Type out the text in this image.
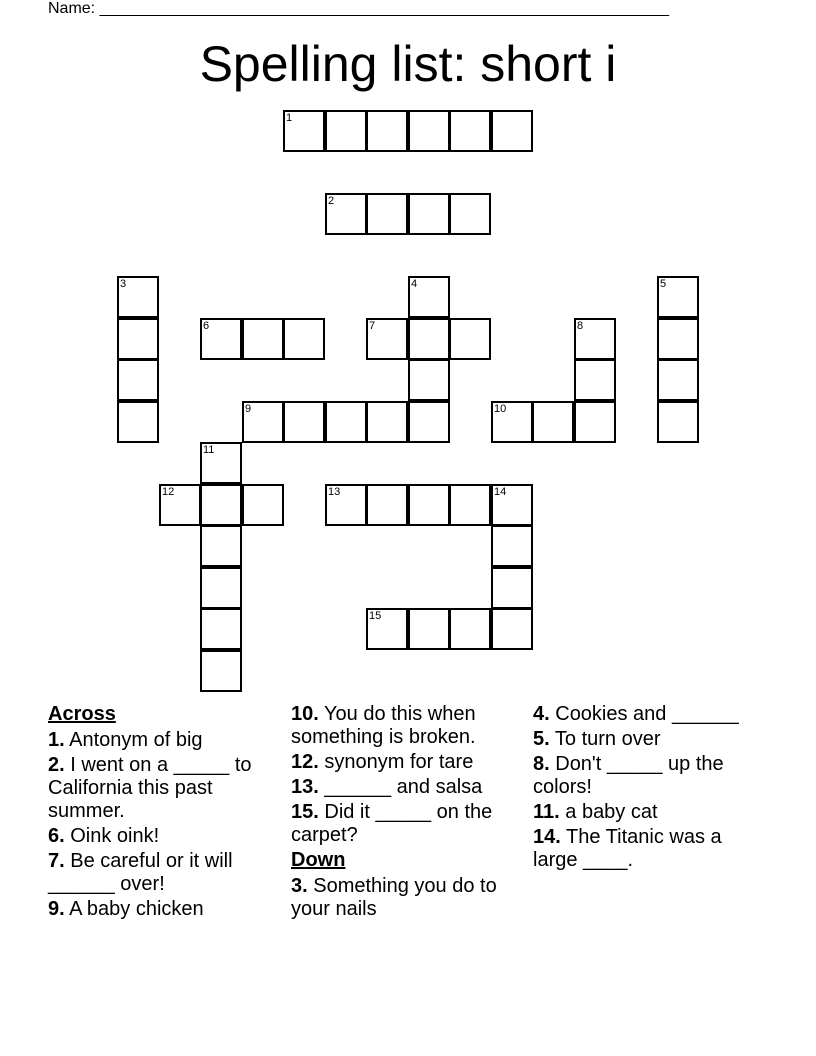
Name: ________________________________________________________________
Spelling list: short i
1
2
3	4	5
6	7	8
9	10
11
12	13	14
15
Across
1. Antonym of big
2. I went on a _____ to California this past summer.
6. Oink oink!
7. Be careful or it will ______ over!
9. A baby chicken
10. You do this when something is broken.
12. synonym for tare
13. ______ and salsa
15. Did it _____ on the carpet?
Down
3. Something you do to your nails
4. Cookies and ______
5. To turn over
8. Don't _____ up the colors!
11. a baby cat
14. The Titanic was a large ____.
